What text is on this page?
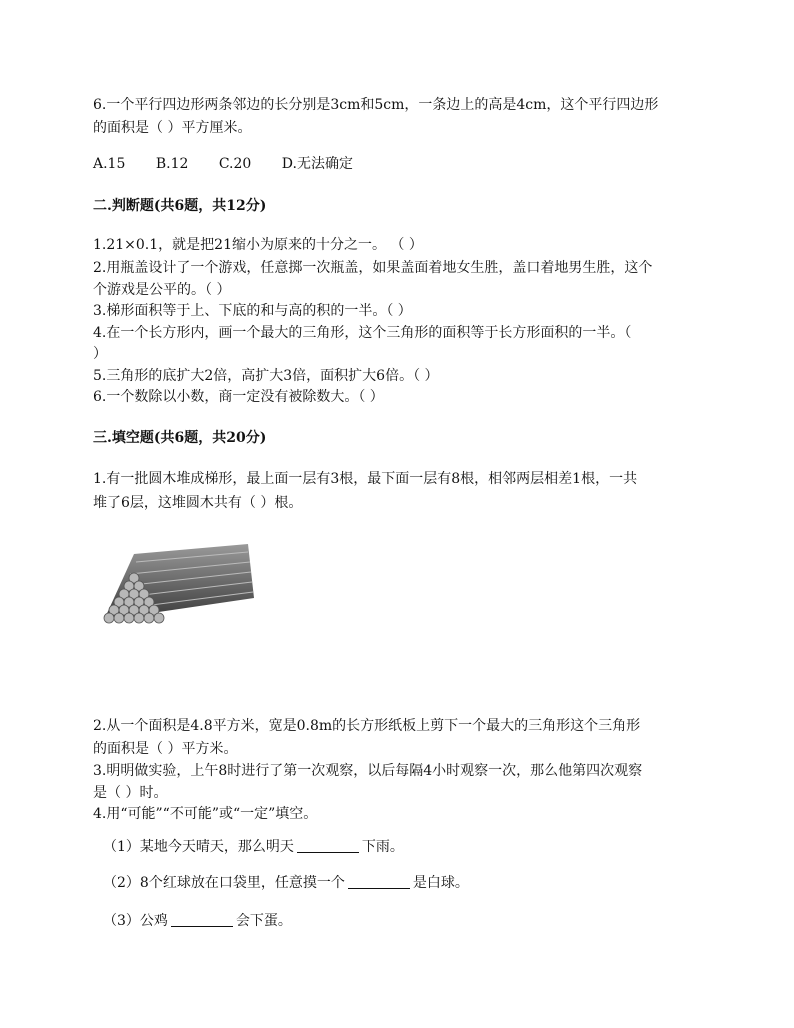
6.一个平行四边形两条邻边的长分别是3cm和5cm，一条边上的高是4cm，这个平行四边形
的面积是（ ）平方厘米。
A.15 B.12 C.20 D.无法确定
二.判断题(共6题，共12分)
1.21×0.1，就是把21缩小为原来的十分之一。 （ ）
2.用瓶盖设计了一个游戏，任意掷一次瓶盖，如果盖面着地女生胜，盖口着地男生胜，这个
个游戏是公平的。（ ）
3.梯形面积等于上、下底的和与高的积的一半。（ ）
4.在一个长方形内，画一个最大的三角形，这个三角形的面积等于长方形面积的一半。（
）
5.三角形的底扩大2倍，高扩大3倍，面积扩大6倍。（ ）
6.一个数除以小数，商一定没有被除数大。（ ）
三.填空题(共6题，共20分)
1.有一批圆木堆成梯形，最上面一层有3根，最下面一层有8根，相邻两层相差1根，一共
堆了6层，这堆圆木共有（ ）根。
2.从一个面积是4.8平方米，宽是0.8m的长方形纸板上剪下一个最大的三角形这个三角形
的面积是（ ）平方米。
3.明明做实验，上午8时进行了第一次观察，以后每隔4小时观察一次，那么他第四次观察
是（ ）时。
4.用“可能”“不可能”或“一定”填空。
（1）某地今天晴天，那么明天	下雨。
（2）8个红球放在口袋里，任意摸一个	是白球。
（3）公鸡	会下蛋。
